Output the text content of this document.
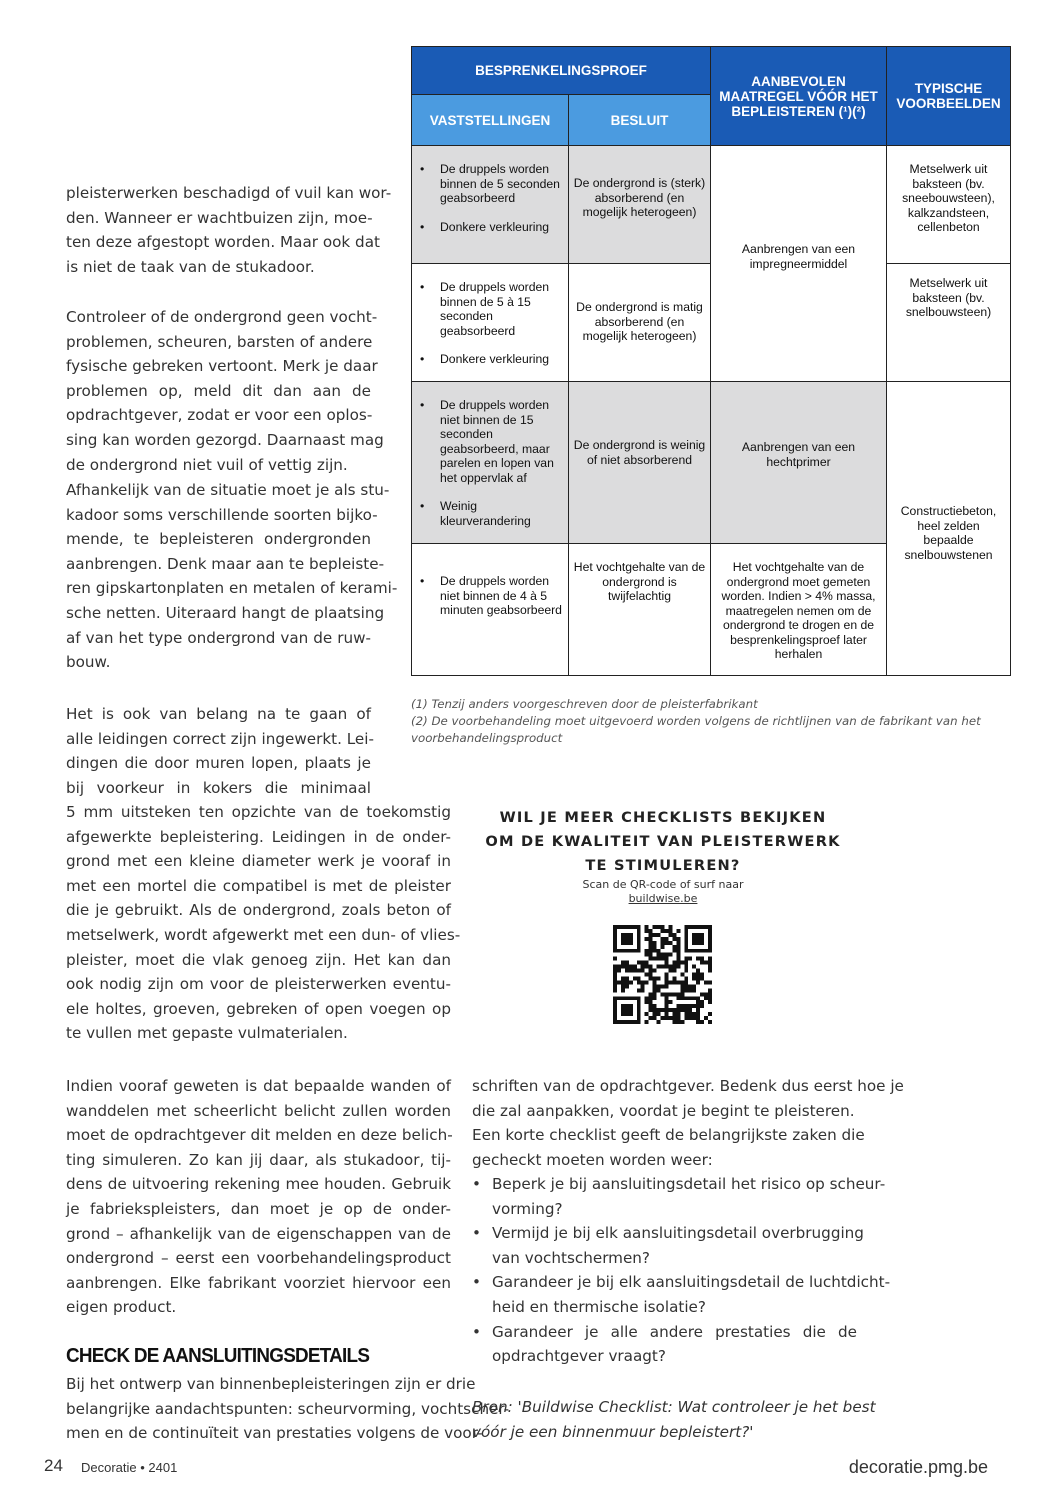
BESPRENKELINGSPROEF
VASTSTELLINGEN	BESLUIT
AANBEVOLEN MAATREGEL VÓÓR HET BEPLEISTEREN (¹)(²)
TYPISCHE VOORBEELDEN
• De druppels worden binnen de 5 seconden geabsorbeerd
• Donkere verkleuring
De ondergrond is (sterk) absorberend (en mogelijk heterogeen)
Metselwerk uit baksteen (bv. sneebouwsteen), kalkzandsteen, cellenbeton
• De druppels worden binnen de 5 à 15 seconden geabsorbeerd
• Donkere verkleuring
De ondergrond is matig absorberend (en mogelijk heterogeen)
Metselwerk uit baksteen (bv. snelbouwsteen)
Aanbrengen van een impregneermiddel
• De druppels worden niet binnen de 15 seconden geabsorbeerd, maar parelen en lopen van het oppervlak af
• Weinig kleurverandering
De ondergrond is weinig of niet absorberend
Aanbrengen van een hechtprimer
Constructiebeton, heel zelden bepaalde snelbouwstenen
• De druppels worden niet binnen de 4 à 5 minuten geabsorbeerd
Het vochtgehalte van de ondergrond is twijfelachtig
Het vochtgehalte van de ondergrond moet gemeten worden. Indien > 4% massa, maatregelen nemen om de ondergrond te drogen en de besprenkelingsproef later herhalen
(1) Tenzij anders voorgeschreven door de pleisterfabrikant
(2) De voorbehandeling moet uitgevoerd worden volgens de richtlijnen van de fabrikant van het
voorbehandelingsproduct
pleisterwerken beschadigd of vuil kan wor-
den. Wanneer er wachtbuizen zijn, moe-
ten deze afgestopt worden. Maar ook dat
is niet de taak van de stukadoor.
Controleer of de ondergrond geen vocht-
problemen, scheuren, barsten of andere
fysische gebreken vertoont. Merk je daar
problemen op, meld dit dan aan de
opdrachtgever, zodat er voor een oplos-
sing kan worden gezorgd. Daarnaast mag
de ondergrond niet vuil of vettig zijn.
Afhankelijk van de situatie moet je als stu-
kadoor soms verschillende soorten bijko-
mende, te bepleisteren ondergronden
aanbrengen. Denk maar aan te bepleiste-
ren gipskartonplaten en metalen of kerami-
sche netten. Uiteraard hangt de plaatsing
af van het type ondergrond van de ruw-
bouw.
Het is ook van belang na te gaan of
alle leidingen correct zijn ingewerkt. Lei-
dingen die door muren lopen, plaats je
bij voorkeur in kokers die minimaal
5 mm uitsteken ten opzichte van de toekomstig
afgewerkte bepleistering. Leidingen in de onder-
grond met een kleine diameter werk je vooraf in
met een mortel die compatibel is met de pleister
die je gebruikt. Als de ondergrond, zoals beton of
metselwerk, wordt afgewerkt met een dun- of vlies-
pleister, moet die vlak genoeg zijn. Het kan dan
ook nodig zijn om voor de pleisterwerken eventu-
ele holtes, groeven, gebreken of open voegen op
te vullen met gepaste vulmaterialen.
Indien vooraf geweten is dat bepaalde wanden of
wanddelen met scheerlicht belicht zullen worden
moet de opdrachtgever dit melden en deze belich-
ting simuleren. Zo kan jij daar, als stukadoor, tij-
dens de uitvoering rekening mee houden. Gebruik
je fabriekspleisters, dan moet je op de onder-
grond – afhankelijk van de eigenschappen van de
ondergrond – eerst een voorbehandelingsproduct
aanbrengen. Elke fabrikant voorziet hiervoor een
eigen product.
CHECK DE AANSLUITINGSDETAILS
Bij het ontwerp van binnenbepleisteringen zijn er drie
belangrijke aandachtspunten: scheurvorming, vochtscher-
men en de continuïteit van prestaties volgens de voor-
WIL JE MEER CHECKLISTS BEKIJKEN
OM DE KWALITEIT VAN PLEISTERWERK
TE STIMULEREN?
Scan de QR-code of surf naar
buildwise.be
schriften van de opdrachtgever. Bedenk dus eerst hoe je
die zal aanpakken, voordat je begint te pleisteren.
Een korte checklist geeft de belangrijkste zaken die
gecheckt moeten worden weer:
• Beperk je bij aansluitingsdetail het risico op scheur-
vorming?
• Vermijd je bij elk aansluitingsdetail overbrugging
van vochtschermen?
• Garandeer je bij elk aansluitingsdetail de luchtdicht-
heid en thermische isolatie?
• Garandeer je alle andere prestaties die de
opdrachtgever vraagt?
Bron: 'Buildwise Checklist: Wat controleer je het best
vóór je een binnenmuur bepleistert?'
24 Decoratie • 2401	decoratie.pmg.be
